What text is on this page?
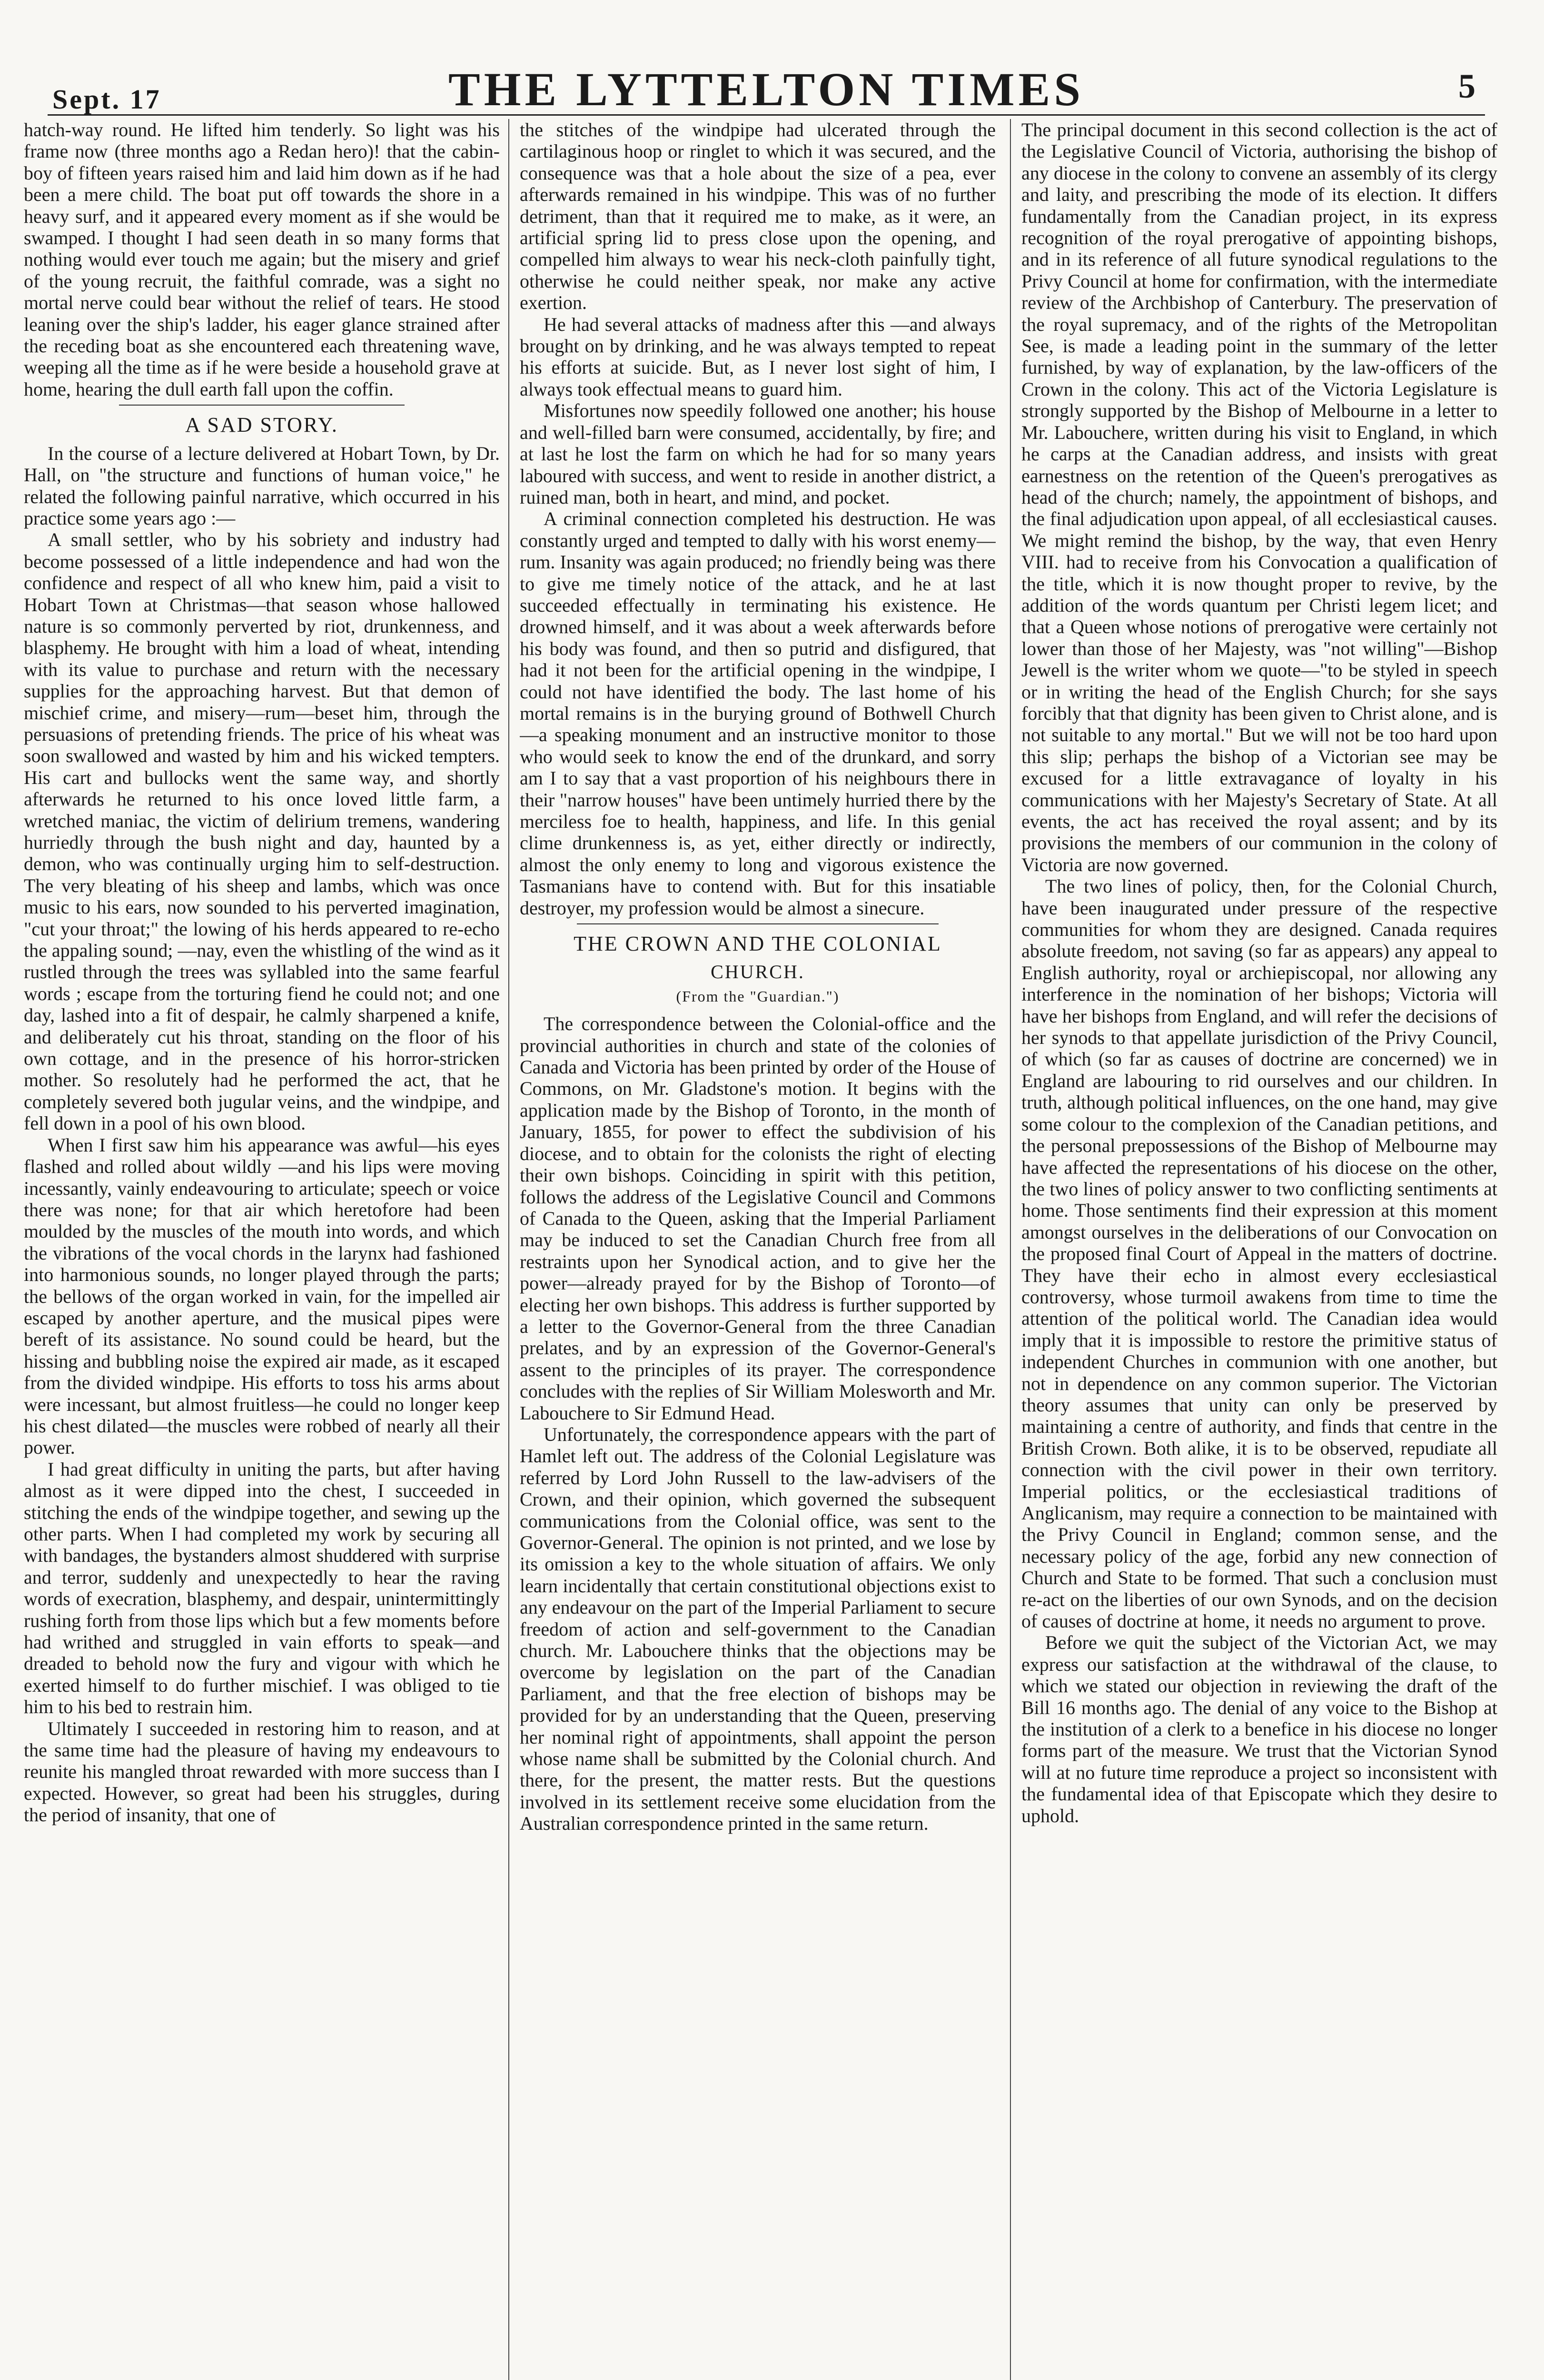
Sept. 17	THE LYTTELTON TIMES	5

hatch-way round. He lifted him tenderly. So light was his frame now (three months ago a Redan hero)! that the cabin-boy of fifteen years raised him and laid him down as if he had been a mere child. The boat put off towards the shore in a heavy surf, and it appeared every moment as if she would be swamped. I thought I had seen death in so many forms that nothing would ever touch me again; but the misery and grief of the young recruit, the faithful comrade, was a sight no mortal nerve could bear without the relief of tears. He stood leaning over the ship's ladder, his eager glance strained after the receding boat as she encountered each threatening wave, weeping all the time as if he were beside a household grave at home, hearing the dull earth fall upon the coffin.

A SAD STORY.

In the course of a lecture delivered at Hobart Town, by Dr. Hall, on "the structure and functions of human voice," he related the following painful narrative, which occurred in his practice some years ago :—

A small settler, who by his sobriety and industry had become possessed of a little independence and had won the confidence and respect of all who knew him, paid a visit to Hobart Town at Christmas—that season whose hallowed nature is so commonly perverted by riot, drunkenness, and blasphemy. He brought with him a load of wheat, intending with its value to purchase and return with the necessary supplies for the approaching harvest. But that demon of mischief crime, and misery—rum—beset him, through the persuasions of pretending friends. The price of his wheat was soon swallowed and wasted by him and his wicked tempters. His cart and bullocks went the same way, and shortly afterwards he returned to his once loved little farm, a wretched maniac, the victim of delirium tremens, wandering hurriedly through the bush night and day, haunted by a demon, who was continually urging him to self-destruction. The very bleating of his sheep and lambs, which was once music to his ears, now sounded to his perverted imagination, "cut your throat;" the lowing of his herds appeared to re-echo the appaling sound; —nay, even the whistling of the wind as it rustled through the trees was syllabled into the same fearful words ; escape from the torturing fiend he could not; and one day, lashed into a fit of despair, he calmly sharpened a knife, and deliberately cut his throat, standing on the floor of his own cottage, and in the presence of his horror-stricken mother. So resolutely had he performed the act, that he completely severed both jugular veins, and the windpipe, and fell down in a pool of his own blood.

When I first saw him his appearance was awful—his eyes flashed and rolled about wildly —and his lips were moving incessantly, vainly endeavouring to articulate; speech or voice there was none; for that air which heretofore had been moulded by the muscles of the mouth into words, and which the vibrations of the vocal chords in the larynx had fashioned into harmonious sounds, no longer played through the parts; the bellows of the organ worked in vain, for the impelled air escaped by another aperture, and the musical pipes were bereft of its assistance. No sound could be heard, but the hissing and bubbling noise the expired air made, as it escaped from the divided windpipe. His efforts to toss his arms about were incessant, but almost fruitless—he could no longer keep his chest dilated—the muscles were robbed of nearly all their power.

I had great difficulty in uniting the parts, but after having almost as it were dipped into the chest, I succeeded in stitching the ends of the windpipe together, and sewing up the other parts. When I had completed my work by securing all with bandages, the bystanders almost shuddered with surprise and terror, suddenly and unexpectedly to hear the raving words of execration, blasphemy, and despair, unintermittingly rushing forth from those lips which but a few moments before had writhed and struggled in vain efforts to speak—and dreaded to behold now the fury and vigour with which he exerted himself to do further mischief. I was obliged to tie him to his bed to restrain him.

Ultimately I succeeded in restoring him to reason, and at the same time had the pleasure of having my endeavours to reunite his mangled throat rewarded with more success than I expected. However, so great had been his struggles, during the period of insanity, that one of

the stitches of the windpipe had ulcerated through the cartilaginous hoop or ringlet to which it was secured, and the consequence was that a hole about the size of a pea, ever afterwards remained in his windpipe. This was of no further detriment, than that it required me to make, as it were, an artificial spring lid to press close upon the opening, and compelled him always to wear his neck-cloth painfully tight, otherwise he could neither speak, nor make any active exertion.

He had several attacks of madness after this —and always brought on by drinking, and he was always tempted to repeat his efforts at suicide. But, as I never lost sight of him, I always took effectual means to guard him.

Misfortunes now speedily followed one another; his house and well-filled barn were consumed, accidentally, by fire; and at last he lost the farm on which he had for so many years laboured with success, and went to reside in another district, a ruined man, both in heart, and mind, and pocket.

A criminal connection completed his destruction. He was constantly urged and tempted to dally with his worst enemy—rum. Insanity was again produced; no friendly being was there to give me timely notice of the attack, and he at last succeeded effectually in terminating his existence. He drowned himself, and it was about a week afterwards before his body was found, and then so putrid and disfigured, that had it not been for the artificial opening in the windpipe, I could not have identified the body. The last home of his mortal remains is in the burying ground of Bothwell Church—a speaking monument and an instructive monitor to those who would seek to know the end of the drunkard, and sorry am I to say that a vast proportion of his neighbours there in their "narrow houses" have been untimely hurried there by the merciless foe to health, happiness, and life. In this genial clime drunkenness is, as yet, either directly or indirectly, almost the only enemy to long and vigorous existence the Tasmanians have to contend with. But for this insatiable destroyer, my profession would be almost a sinecure.

THE CROWN AND THE COLONIAL
CHURCH.
(From the "Guardian.")

The correspondence between the Colonial-office and the provincial authorities in church and state of the colonies of Canada and Victoria has been printed by order of the House of Commons, on Mr. Gladstone's motion. It begins with the application made by the Bishop of Toronto, in the month of January, 1855, for power to effect the subdivision of his diocese, and to obtain for the colonists the right of electing their own bishops. Coinciding in spirit with this petition, follows the address of the Legislative Council and Commons of Canada to the Queen, asking that the Imperial Parliament may be induced to set the Canadian Church free from all restraints upon her Synodical action, and to give her the power—already prayed for by the Bishop of Toronto—of electing her own bishops. This address is further supported by a letter to the Governor-General from the three Canadian prelates, and by an expression of the Governor-General's assent to the principles of its prayer. The correspondence concludes with the replies of Sir William Molesworth and Mr. Labouchere to Sir Edmund Head.

Unfortunately, the correspondence appears with the part of Hamlet left out. The address of the Colonial Legislature was referred by Lord John Russell to the law-advisers of the Crown, and their opinion, which governed the subsequent communications from the Colonial office, was sent to the Governor-General. The opinion is not printed, and we lose by its omission a key to the whole situation of affairs. We only learn incidentally that certain constitutional objections exist to any endeavour on the part of the Imperial Parliament to secure freedom of action and self-government to the Canadian church. Mr. Labouchere thinks that the objections may be overcome by legislation on the part of the Canadian Parliament, and that the free election of bishops may be provided for by an understanding that the Queen, preserving her nominal right of appointments, shall appoint the person whose name shall be submitted by the Colonial church. And there, for the present, the matter rests. But the questions involved in its settlement receive some elucidation from the Australian correspondence printed in the same return.

The principal document in this second collection is the act of the Legislative Council of Victoria, authorising the bishop of any diocese in the colony to convene an assembly of its clergy and laity, and prescribing the mode of its election. It differs fundamentally from the Canadian project, in its express recognition of the royal prerogative of appointing bishops, and in its reference of all future synodical regulations to the Privy Council at home for confirmation, with the intermediate review of the Archbishop of Canterbury. The preservation of the royal supremacy, and of the rights of the Metropolitan See, is made a leading point in the summary of the letter furnished, by way of explanation, by the law-officers of the Crown in the colony. This act of the Victoria Legislature is strongly supported by the Bishop of Melbourne in a letter to Mr. Labouchere, written during his visit to England, in which he carps at the Canadian address, and insists with great earnestness on the retention of the Queen's prerogatives as head of the church; namely, the appointment of bishops, and the final adjudication upon appeal, of all ecclesiastical causes. We might remind the bishop, by the way, that even Henry VIII. had to receive from his Convocation a qualification of the title, which it is now thought proper to revive, by the addition of the words quantum per Christi legem licet; and that a Queen whose notions of prerogative were certainly not lower than those of her Majesty, was "not willing"—Bishop Jewell is the writer whom we quote—"to be styled in speech or in writing the head of the English Church; for she says forcibly that that dignity has been given to Christ alone, and is not suitable to any mortal." But we will not be too hard upon this slip; perhaps the bishop of a Victorian see may be excused for a little extravagance of loyalty in his communications with her Majesty's Secretary of State. At all events, the act has received the royal assent; and by its provisions the members of our communion in the colony of Victoria are now governed.

The two lines of policy, then, for the Colonial Church, have been inaugurated under pressure of the respective communities for whom they are designed. Canada requires absolute freedom, not saving (so far as appears) any appeal to English authority, royal or archiepiscopal, nor allowing any interference in the nomination of her bishops; Victoria will have her bishops from England, and will refer the decisions of her synods to that appellate jurisdiction of the Privy Council, of which (so far as causes of doctrine are concerned) we in England are labouring to rid ourselves and our children. In truth, although political influences, on the one hand, may give some colour to the complexion of the Canadian petitions, and the personal prepossessions of the Bishop of Melbourne may have affected the representations of his diocese on the other, the two lines of policy answer to two conflicting sentiments at home. Those sentiments find their expression at this moment amongst ourselves in the deliberations of our Convocation on the proposed final Court of Appeal in the matters of doctrine. They have their echo in almost every ecclesiastical controversy, whose turmoil awakens from time to time the attention of the political world. The Canadian idea would imply that it is impossible to restore the primitive status of independent Churches in communion with one another, but not in dependence on any common superior. The Victorian theory assumes that unity can only be preserved by maintaining a centre of authority, and finds that centre in the British Crown. Both alike, it is to be observed, repudiate all connection with the civil power in their own territory. Imperial politics, or the ecclesiastical traditions of Anglicanism, may require a connection to be maintained with the Privy Council in England; common sense, and the necessary policy of the age, forbid any new connection of Church and State to be formed. That such a conclusion must re-act on the liberties of our own Synods, and on the decision of causes of doctrine at home, it needs no argument to prove.

Before we quit the subject of the Victorian Act, we may express our satisfaction at the withdrawal of the clause, to which we stated our objection in reviewing the draft of the Bill 16 months ago. The denial of any voice to the Bishop at the institution of a clerk to a benefice in his diocese no longer forms part of the measure. We trust that the Victorian Synod will at no future time reproduce a project so inconsistent with the fundamental idea of that Episcopate which they desire to uphold.
